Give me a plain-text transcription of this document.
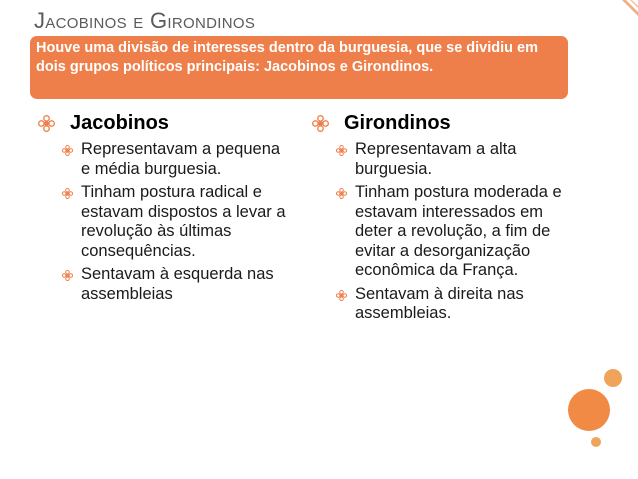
Jacobinos e Girondinos
Houve uma divisão de interesses dentro da burguesia, que se dividiu em dois grupos políticos principais: Jacobinos e Girondinos.
Jacobinos
Representavam a pequena e média burguesia.
Tinham postura radical e estavam dispostos a levar a revolução às últimas consequências.
Sentavam à esquerda nas assembleias
Girondinos
Representavam a alta burguesia.
Tinham postura moderada e estavam interessados em deter a revolução, a fim de evitar a desorganização econômica da França.
Sentavam à direita nas assembleias.
